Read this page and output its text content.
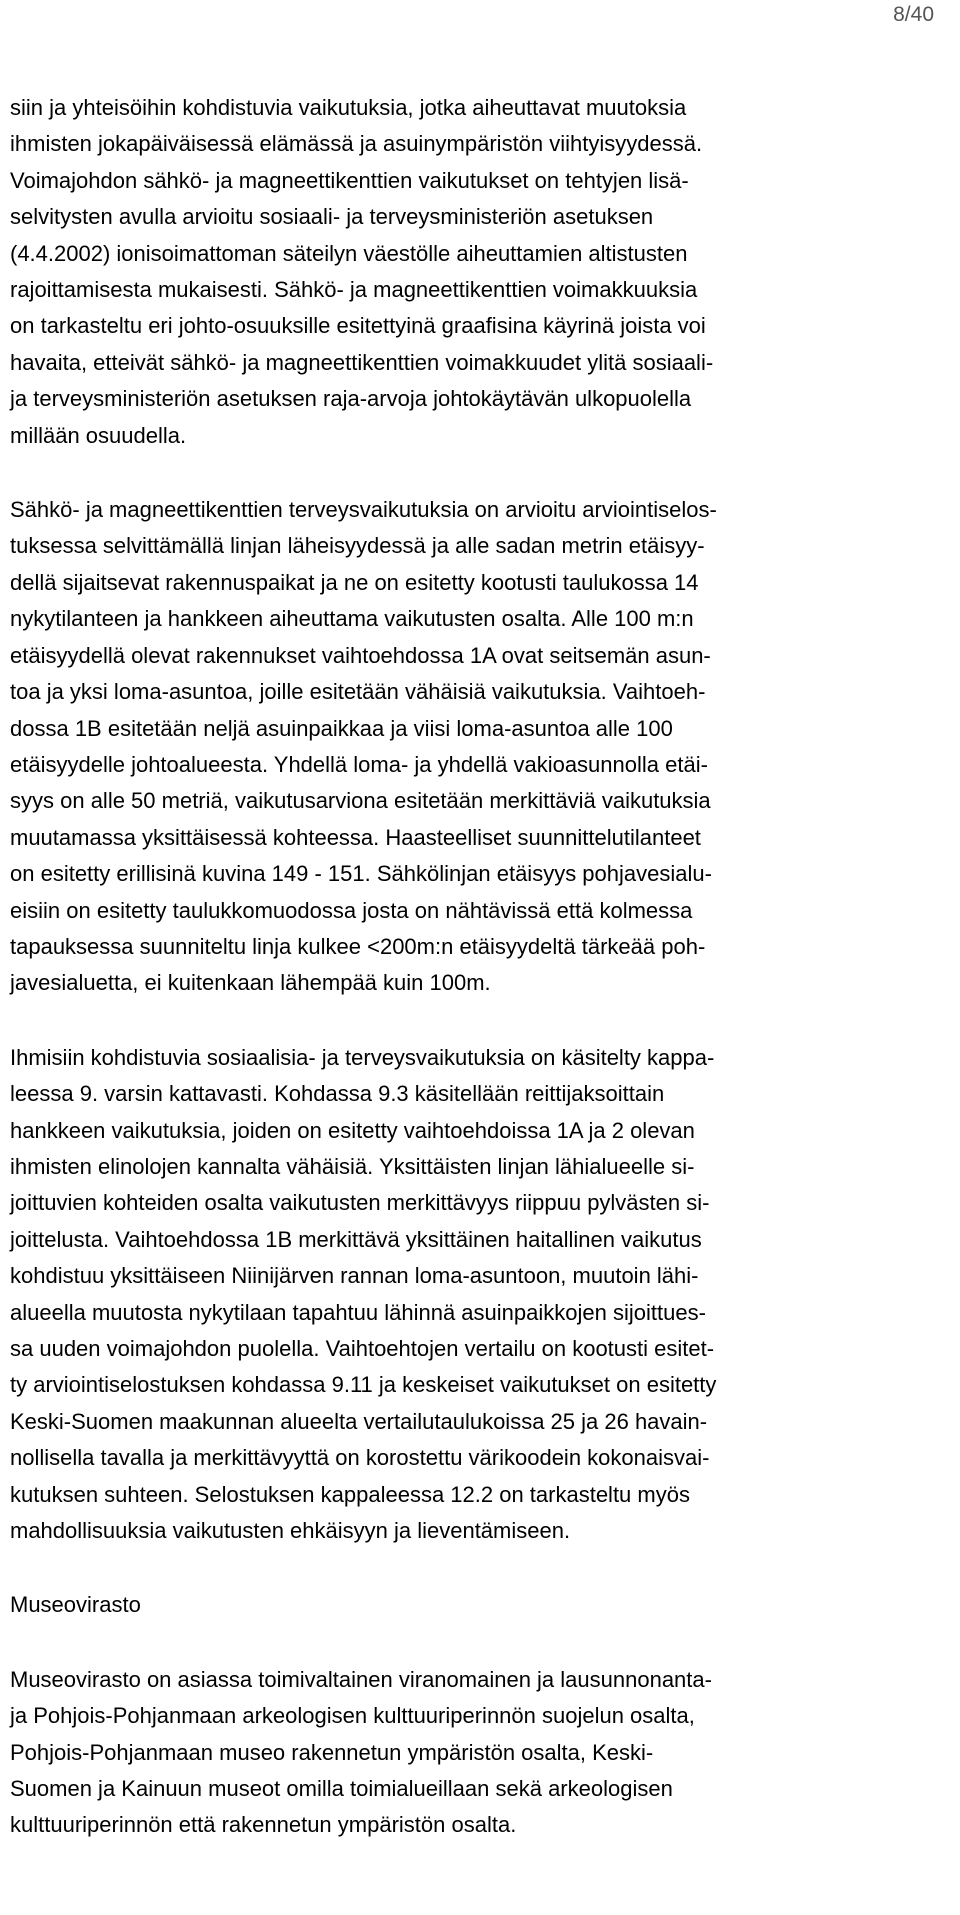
8/40
siin ja yhteisöihin kohdistuvia vaikutuksia, jotka aiheuttavat muutoksia
ihmisten jokapäiväisessä elämässä ja asuinympäristön viihtyisyydessä.
Voimajohdon sähkö- ja magneettikenttien vaikutukset on tehtyjen lisä-
selvitysten avulla arvioitu sosiaali- ja terveysministeriön asetuksen
(4.4.2002) ionisoimattoman säteilyn väestölle aiheuttamien altistusten
rajoittamisesta mukaisesti. Sähkö- ja magneettikenttien voimakkuuksia
on tarkasteltu eri johto-osuuksille esitettyinä graafisina käyrinä joista voi
havaita, etteivät sähkö- ja magneettikenttien voimakkuudet ylitä sosiaali-
ja terveysministeriön asetuksen raja-arvoja johtokäytävän ulkopuolella
millään osuudella.
Sähkö- ja magneettikenttien terveysvaikutuksia on arvioitu arviointiselos-
tuksessa selvittämällä linjan läheisyydessä ja alle sadan metrin etäisyy-
dellä sijaitsevat rakennuspaikat ja ne on esitetty kootusti taulukossa 14
nykytilanteen ja hankkeen aiheuttama vaikutusten osalta. Alle 100 m:n
etäisyydellä olevat rakennukset vaihtoehdossa 1A ovat seitsemän asun-
toa ja yksi loma-asuntoa, joille esitetään vähäisiä vaikutuksia. Vaihtoeh-
dossa 1B esitetään neljä asuinpaikkaa ja viisi loma-asuntoa alle 100
etäisyydelle johtoalueesta. Yhdellä loma- ja yhdellä vakioasunnolla etäi-
syys on alle 50 metriä, vaikutusarviona esitetään merkittäviä vaikutuksia
muutamassa yksittäisessä kohteessa. Haasteelliset suunnittelutilanteet
on esitetty erillisinä kuvina 149 - 151. Sähkölinjan etäisyys pohjavesialu-
eisiin on esitetty taulukkomuodossa josta on nähtävissä että kolmessa
tapauksessa suunniteltu linja kulkee <200m:n etäisyydeltä tärkeää poh-
javesialuetta, ei kuitenkaan lähempää kuin 100m.
Ihmisiin kohdistuvia sosiaalisia- ja terveysvaikutuksia on käsitelty kappa-
leessa 9. varsin kattavasti. Kohdassa 9.3 käsitellään reittijaksoittain
hankkeen vaikutuksia, joiden on esitetty vaihtoehdoissa 1A ja 2 olevan
ihmisten elinolojen kannalta vähäisiä. Yksittäisten linjan lähialueelle si-
joittuvien kohteiden osalta vaikutusten merkittävyys riippuu pylvästen si-
joittelusta. Vaihtoehdossa 1B merkittävä yksittäinen haitallinen vaikutus
kohdistuu yksittäiseen Niinijärven rannan loma-asuntoon, muutoin lähi-
alueella muutosta nykytilaan tapahtuu lähinnä asuinpaikkojen sijoittues-
sa uuden voimajohdon puolella. Vaihtoehtojen vertailu on kootusti esitet-
ty arviointiselostuksen kohdassa 9.11 ja keskeiset vaikutukset on esitetty
Keski-Suomen maakunnan alueelta vertailutaulukoissa 25 ja 26 havain-
nollisella tavalla ja merkittävyyttä on korostettu värikoodein kokonaisvai-
kutuksen suhteen. Selostuksen kappaleessa 12.2 on tarkasteltu myös
mahdollisuuksia vaikutusten ehkäisyyn ja lieventämiseen.
Museovirasto
Museovirasto on asiassa toimivaltainen viranomainen ja lausunnonanta-
ja Pohjois-Pohjanmaan arkeologisen kulttuuriperinnön suojelun osalta,
Pohjois-Pohjanmaan museo rakennetun ympäristön osalta, Keski-
Suomen ja Kainuun museot omilla toimialueillaan sekä arkeologisen
kulttuuriperinnön että rakennetun ympäristön osalta.
